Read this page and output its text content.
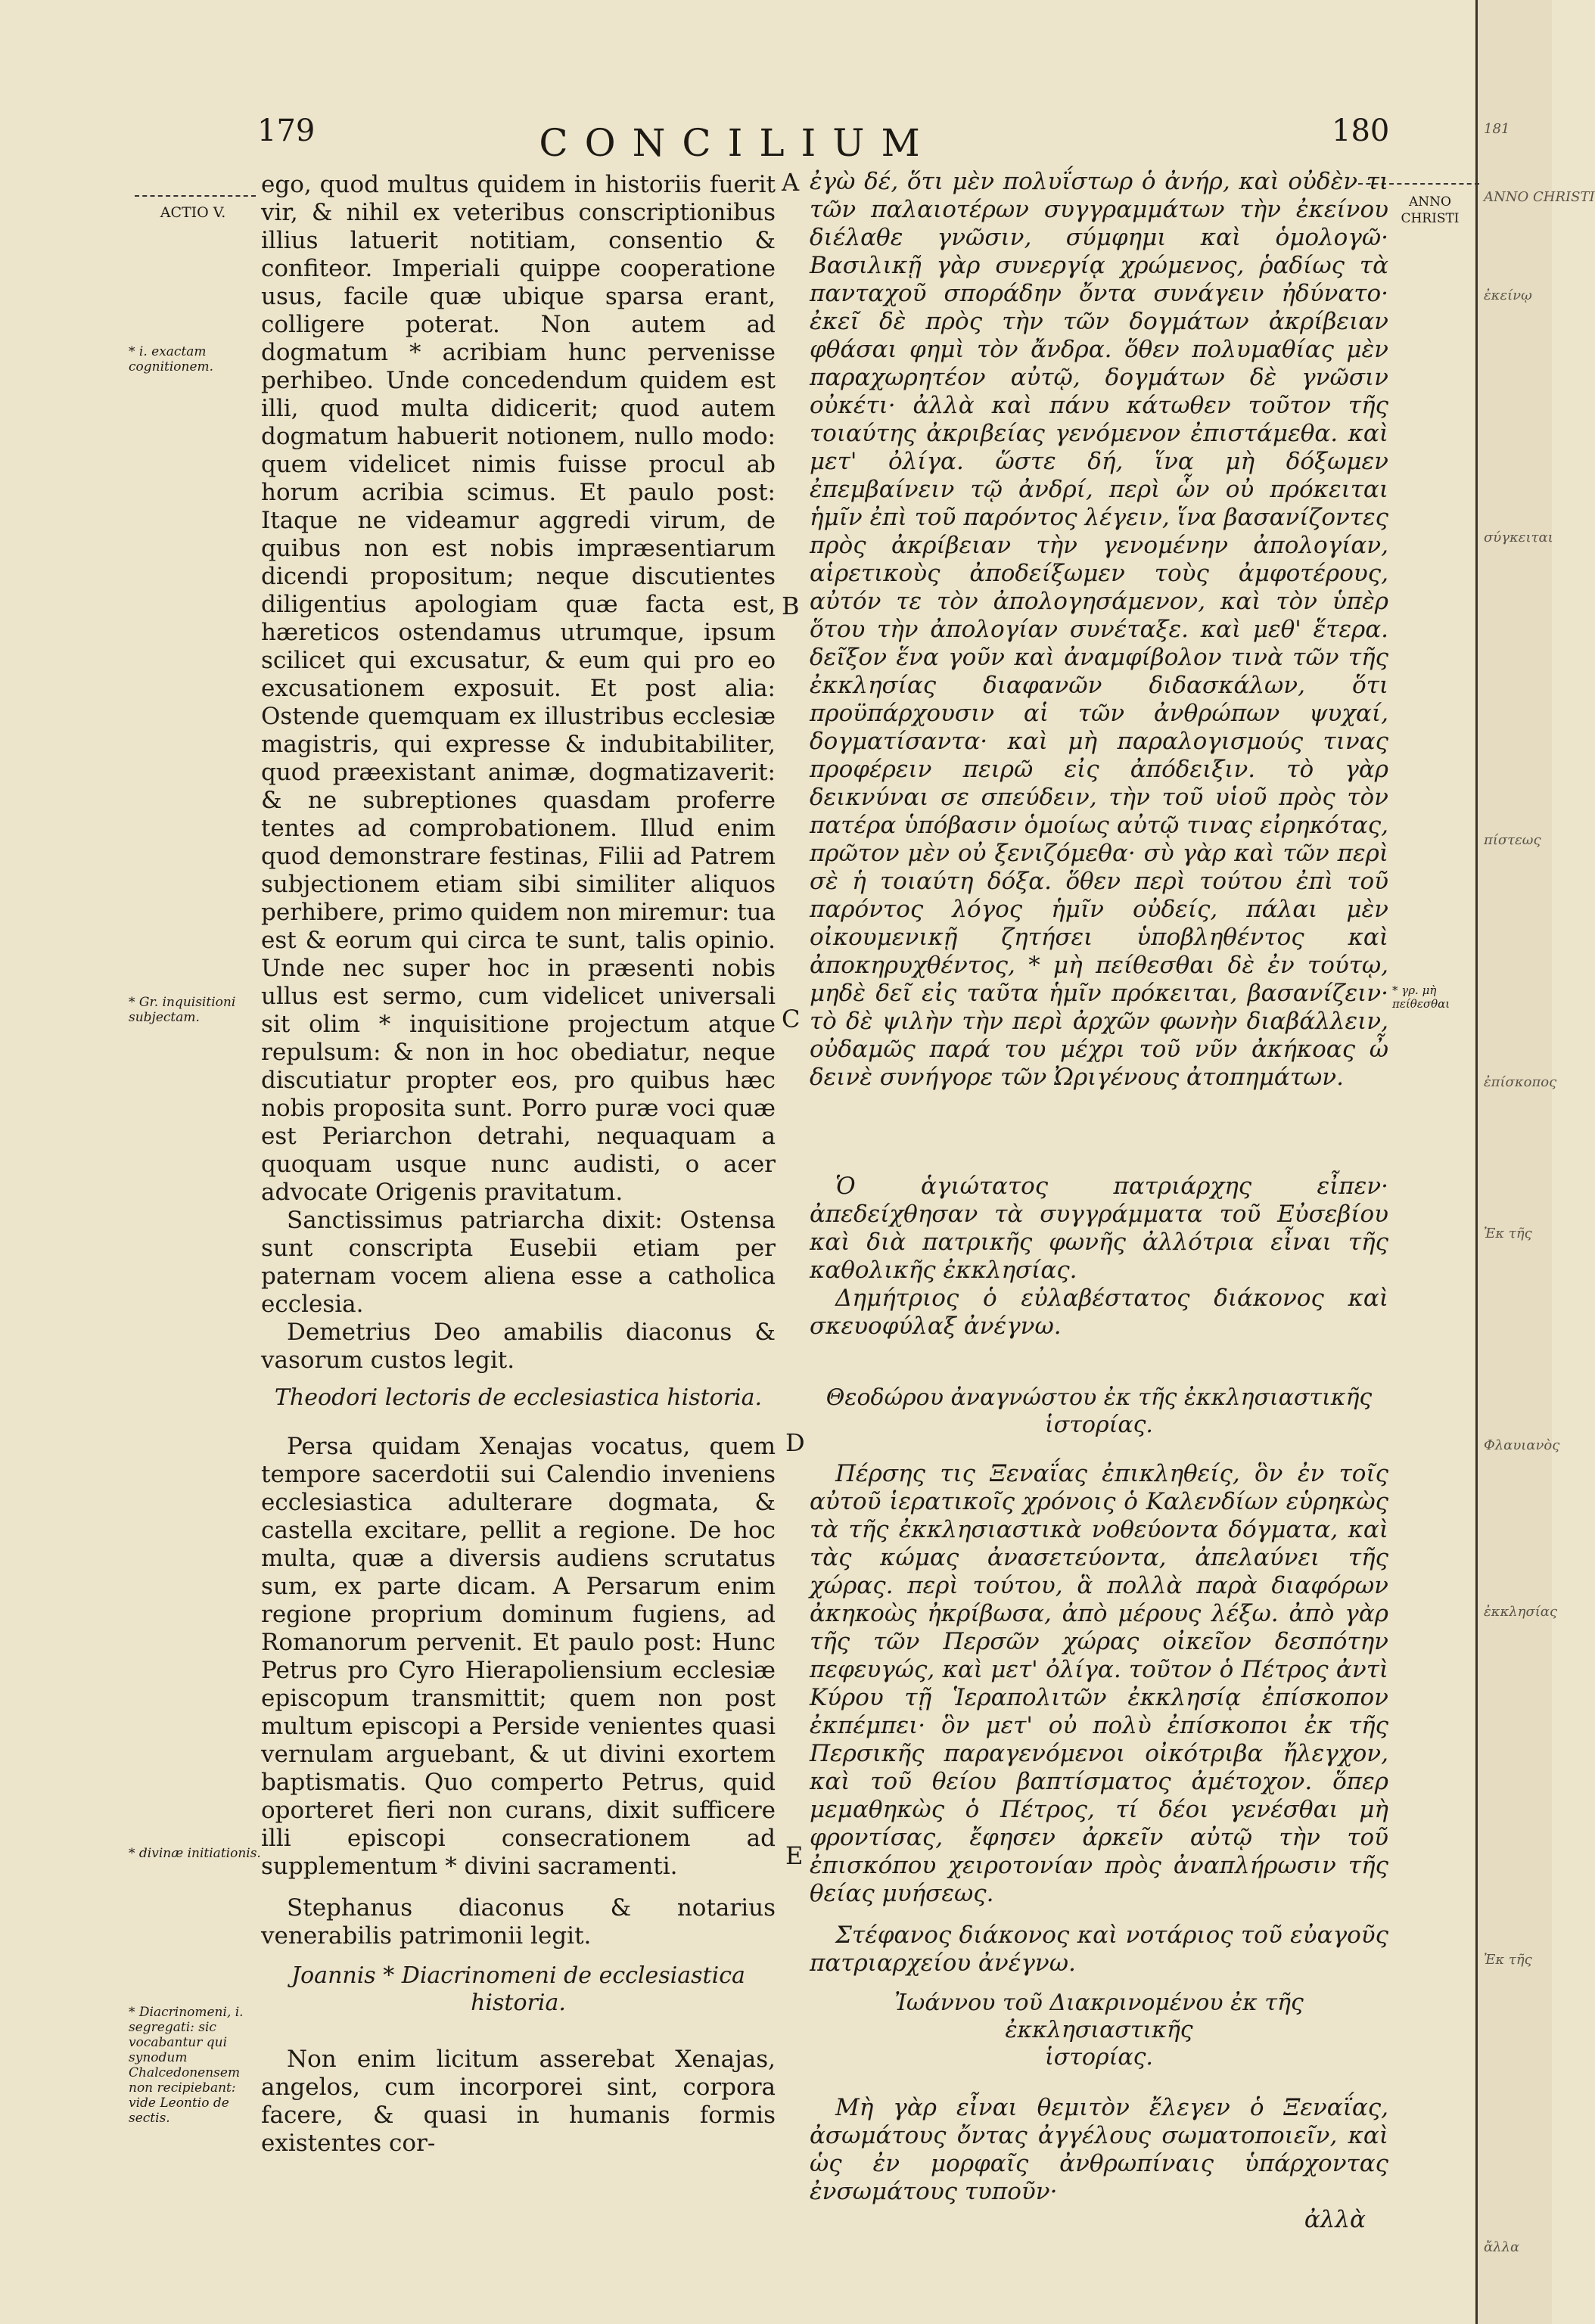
181
ANNO CHRISTI
ἐκείνῳ
σύγκειται
πίστεως
ἐπίσκοπος
Ἐκ τῆς
Φλαυιανὸς
ἐκκλησίας
Ἐκ τῆς
ἄλλα
179	CONCILIUM	180
ACTIO V.
ANNO CHRISTI
* i. exactam cognitionem.
* Gr. inquisitioni subjectam.
* divinæ initiationis.
* Diacrinomeni, i. segregati: sic vocabantur qui synodum Chalcedonensem non recipiebant: vide Leontio de sectis.
* γρ. μὴ πείθεσθαι
A
B
C
D
E

ego, quod multus quidem in historiis fuerit vir, & nihil ex veteribus conscriptionibus illius latuerit notitiam, consentio & confiteor. Imperiali quippe cooperatione usus, facile quæ ubique sparsa erant, colligere poterat. Non autem ad dogmatum * acribiam hunc pervenisse perhibeo. Unde concedendum quidem est illi, quod multa didicerit; quod autem dogmatum habuerit notionem, nullo modo: quem videlicet nimis fuisse procul ab horum acribia scimus. Et paulo post: Itaque ne videamur aggredi virum, de quibus non est nobis impræsentiarum dicendi propositum; neque discutientes diligentius apologiam quæ facta est, hæreticos ostendamus utrumque, ipsum scilicet qui excusatur, & eum qui pro eo excusationem exposuit. Et post alia: Ostende quemquam ex illustribus ecclesiæ magistris, qui expresse & indubitabiliter, quod præexistant animæ, dogmatizaverit: & ne subreptiones quasdam proferre tentes ad comprobationem. Illud enim quod demonstrare festinas, Filii ad Patrem subjectionem etiam sibi similiter aliquos perhibere, primo quidem non miremur: tua est & eorum qui circa te sunt, talis opinio. Unde nec super hoc in præsenti nobis ullus est sermo, cum videlicet universali sit olim * inquisitione projectum atque repulsum: & non in hoc obediatur, neque discutiatur propter eos, pro quibus hæc nobis proposita sunt. Porro puræ voci quæ est Periarchon detrahi, nequaquam a quoquam usque nunc audisti, o acer advocate Origenis pravitatum.

Sanctissimus patriarcha dixit: Ostensa sunt conscripta Eusebii etiam per paternam vocem aliena esse a catholica ecclesia.

Demetrius Deo amabilis diaconus & vasorum custos legit.

Theodori lectoris de ecclesiastica historia.

Persa quidam Xenajas vocatus, quem tempore sacerdotii sui Calendio inveniens ecclesiastica adulterare dogmata, & castella excitare, pellit a regione. De hoc multa, quæ a diversis audiens scrutatus sum, ex parte dicam. A Persarum enim regione proprium dominum fugiens, ad Romanorum pervenit. Et paulo post: Hunc Petrus pro Cyro Hierapoliensium ecclesiæ episcopum transmittit; quem non post multum episcopi a Perside venientes quasi vernulam arguebant, & ut divini exortem baptismatis. Quo comperto Petrus, quid oporteret fieri non curans, dixit sufficere illi episcopi consecrationem ad supplementum * divini sacramenti.

Stephanus diaconus & notarius venerabilis patrimonii legit.

Joannis * Diacrinomeni de ecclesiastica

historia.

Non enim licitum asserebat Xenajas, angelos, cum incorporei sint, corpora facere, & quasi in humanis formis existentes cor-

ἐγὼ δέ, ὅτι μὲν πολυΐστωρ ὁ ἀνήρ, καὶ οὐδὲν τι τῶν παλαιοτέρων συγγραμμάτων τὴν ἐκείνου διέλαθε γνῶσιν, σύμφημι καὶ ὁμολογῶ· Βασιλικῇ γὰρ συνεργίᾳ χρώμενος, ῥαδίως τὰ πανταχοῦ σποράδην ὄντα συνάγειν ἠδύνατο· ἐκεῖ δὲ πρὸς τὴν τῶν δογμάτων ἀκρίβειαν φθάσαι φημὶ τὸν ἄνδρα. ὅθεν πολυμαθίας μὲν παραχωρητέον αὐτῷ, δογμάτων δὲ γνῶσιν οὐκέτι· ἀλλὰ καὶ πάνυ κάτωθεν τοῦτον τῆς τοιαύτης ἀκριβείας γενόμενον ἐπιστάμεθα. καὶ μετ' ὀλίγα. ὥστε δή, ἵνα μὴ δόξωμεν ἐπεμβαίνειν τῷ ἀνδρί, περὶ ὧν οὐ πρόκειται ἡμῖν ἐπὶ τοῦ παρόντος λέγειν, ἵνα βασανίζοντες πρὸς ἀκρίβειαν τὴν γενομένην ἀπολογίαν, αἱρετικοὺς ἀποδείξωμεν τοὺς ἀμφοτέρους, αὐτόν τε τὸν ἀπολογησάμενον, καὶ τὸν ὑπὲρ ὅτου τὴν ἀπολογίαν συνέταξε. καὶ μεθ' ἕτερα. δεῖξον ἕνα γοῦν καὶ ἀναμφίβολον τινὰ τῶν τῆς ἐκκλησίας διαφανῶν διδασκάλων, ὅτι προϋπάρχουσιν αἱ τῶν ἀνθρώπων ψυχαί, δογματίσαντα· καὶ μὴ παραλογισμούς τινας προφέρειν πειρῶ εἰς ἀπόδειξιν. τὸ γὰρ δεικνύναι σε σπεύδειν, τὴν τοῦ υἱοῦ πρὸς τὸν πατέρα ὑπόβασιν ὁμοίως αὐτῷ τινας εἰρηκότας, πρῶτον μὲν οὐ ξενιζόμεθα· σὺ γὰρ καὶ τῶν περὶ σὲ ἡ τοιαύτη δόξα. ὅθεν περὶ τούτου ἐπὶ τοῦ παρόντος λόγος ἡμῖν οὐδείς, πάλαι μὲν οἰκουμενικῇ ζητήσει ὑποβληθέντος καὶ ἀποκηρυχθέντος, * μὴ πείθεσθαι δὲ ἐν τούτῳ, μηδὲ δεῖ εἰς ταῦτα ἡμῖν πρόκειται, βασανίζειν· τὸ δὲ ψιλὴν τὴν περὶ ἀρχῶν φωνὴν διαβάλλειν, οὐδαμῶς παρά του μέχρι τοῦ νῦν ἀκήκοας ὦ δεινὲ συνήγορε τῶν Ὠριγένους ἀτοπημάτων.

Ὁ ἁγιώτατος πατριάρχης εἶπεν· ἀπεδείχθησαν τὰ συγγράμματα τοῦ Εὐσεβίου καὶ διὰ πατρικῆς φωνῆς ἀλλότρια εἶναι τῆς καθολικῆς ἐκκλησίας.

Δημήτριος ὁ εὐλαβέστατος διάκονος καὶ σκευοφύλαξ ἀνέγνω.

Θεοδώρου ἀναγνώστου ἐκ τῆς ἐκκλησιαστικῆς ἱστορίας.

Πέρσης τις Ξεναΐας ἐπικληθείς, ὃν ἐν τοῖς αὐτοῦ ἱερατικοῖς χρόνοις ὁ Καλενδίων εὑρηκὼς τὰ τῆς ἐκκλησιαστικὰ νοθεύοντα δόγματα, καὶ τὰς κώμας ἀνασετεύοντα, ἀπελαύνει τῆς χώρας. περὶ τούτου, ἃ πολλὰ παρὰ διαφόρων ἀκηκοὼς ἠκρίβωσα, ἀπὸ μέρους λέξω. ἀπὸ γὰρ τῆς τῶν Περσῶν χώρας οἰκεῖον δεσπότην πεφευγώς, καὶ μετ' ὀλίγα. τοῦτον ὁ Πέτρος ἀντὶ Κύρου τῇ Ἱεραπολιτῶν ἐκκλησίᾳ ἐπίσκοπον ἐκπέμπει· ὃν μετ' οὐ πολὺ ἐπίσκοποι ἐκ τῆς Περσικῆς παραγενόμενοι οἰκότριβα ἤλεγχον, καὶ τοῦ θείου βαπτίσματος ἀμέτοχον. ὅπερ μεμαθηκὼς ὁ Πέτρος, τί δέοι γενέσθαι μὴ φροντίσας, ἔφησεν ἀρκεῖν αὐτῷ τὴν τοῦ ἐπισκόπου χειροτονίαν πρὸς ἀναπλήρωσιν τῆς θείας μυήσεως.

Στέφανος διάκονος καὶ νοτάριος τοῦ εὐαγοῦς πατριαρχείου ἀνέγνω.

Ἰωάννου τοῦ Διακρινομένου ἐκ τῆς ἐκκλησιαστικῆς

ἱστορίας.

Μὴ γὰρ εἶναι θεμιτὸν ἔλεγεν ὁ Ξεναΐας, ἀσωμάτους ὄντας ἀγγέλους σωματοποιεῖν, καὶ ὡς ἐν μορφαῖς ἀνθρωπίναις ὑπάρχοντας ἐνσωμάτους τυποῦν·

ἀλλὰ
